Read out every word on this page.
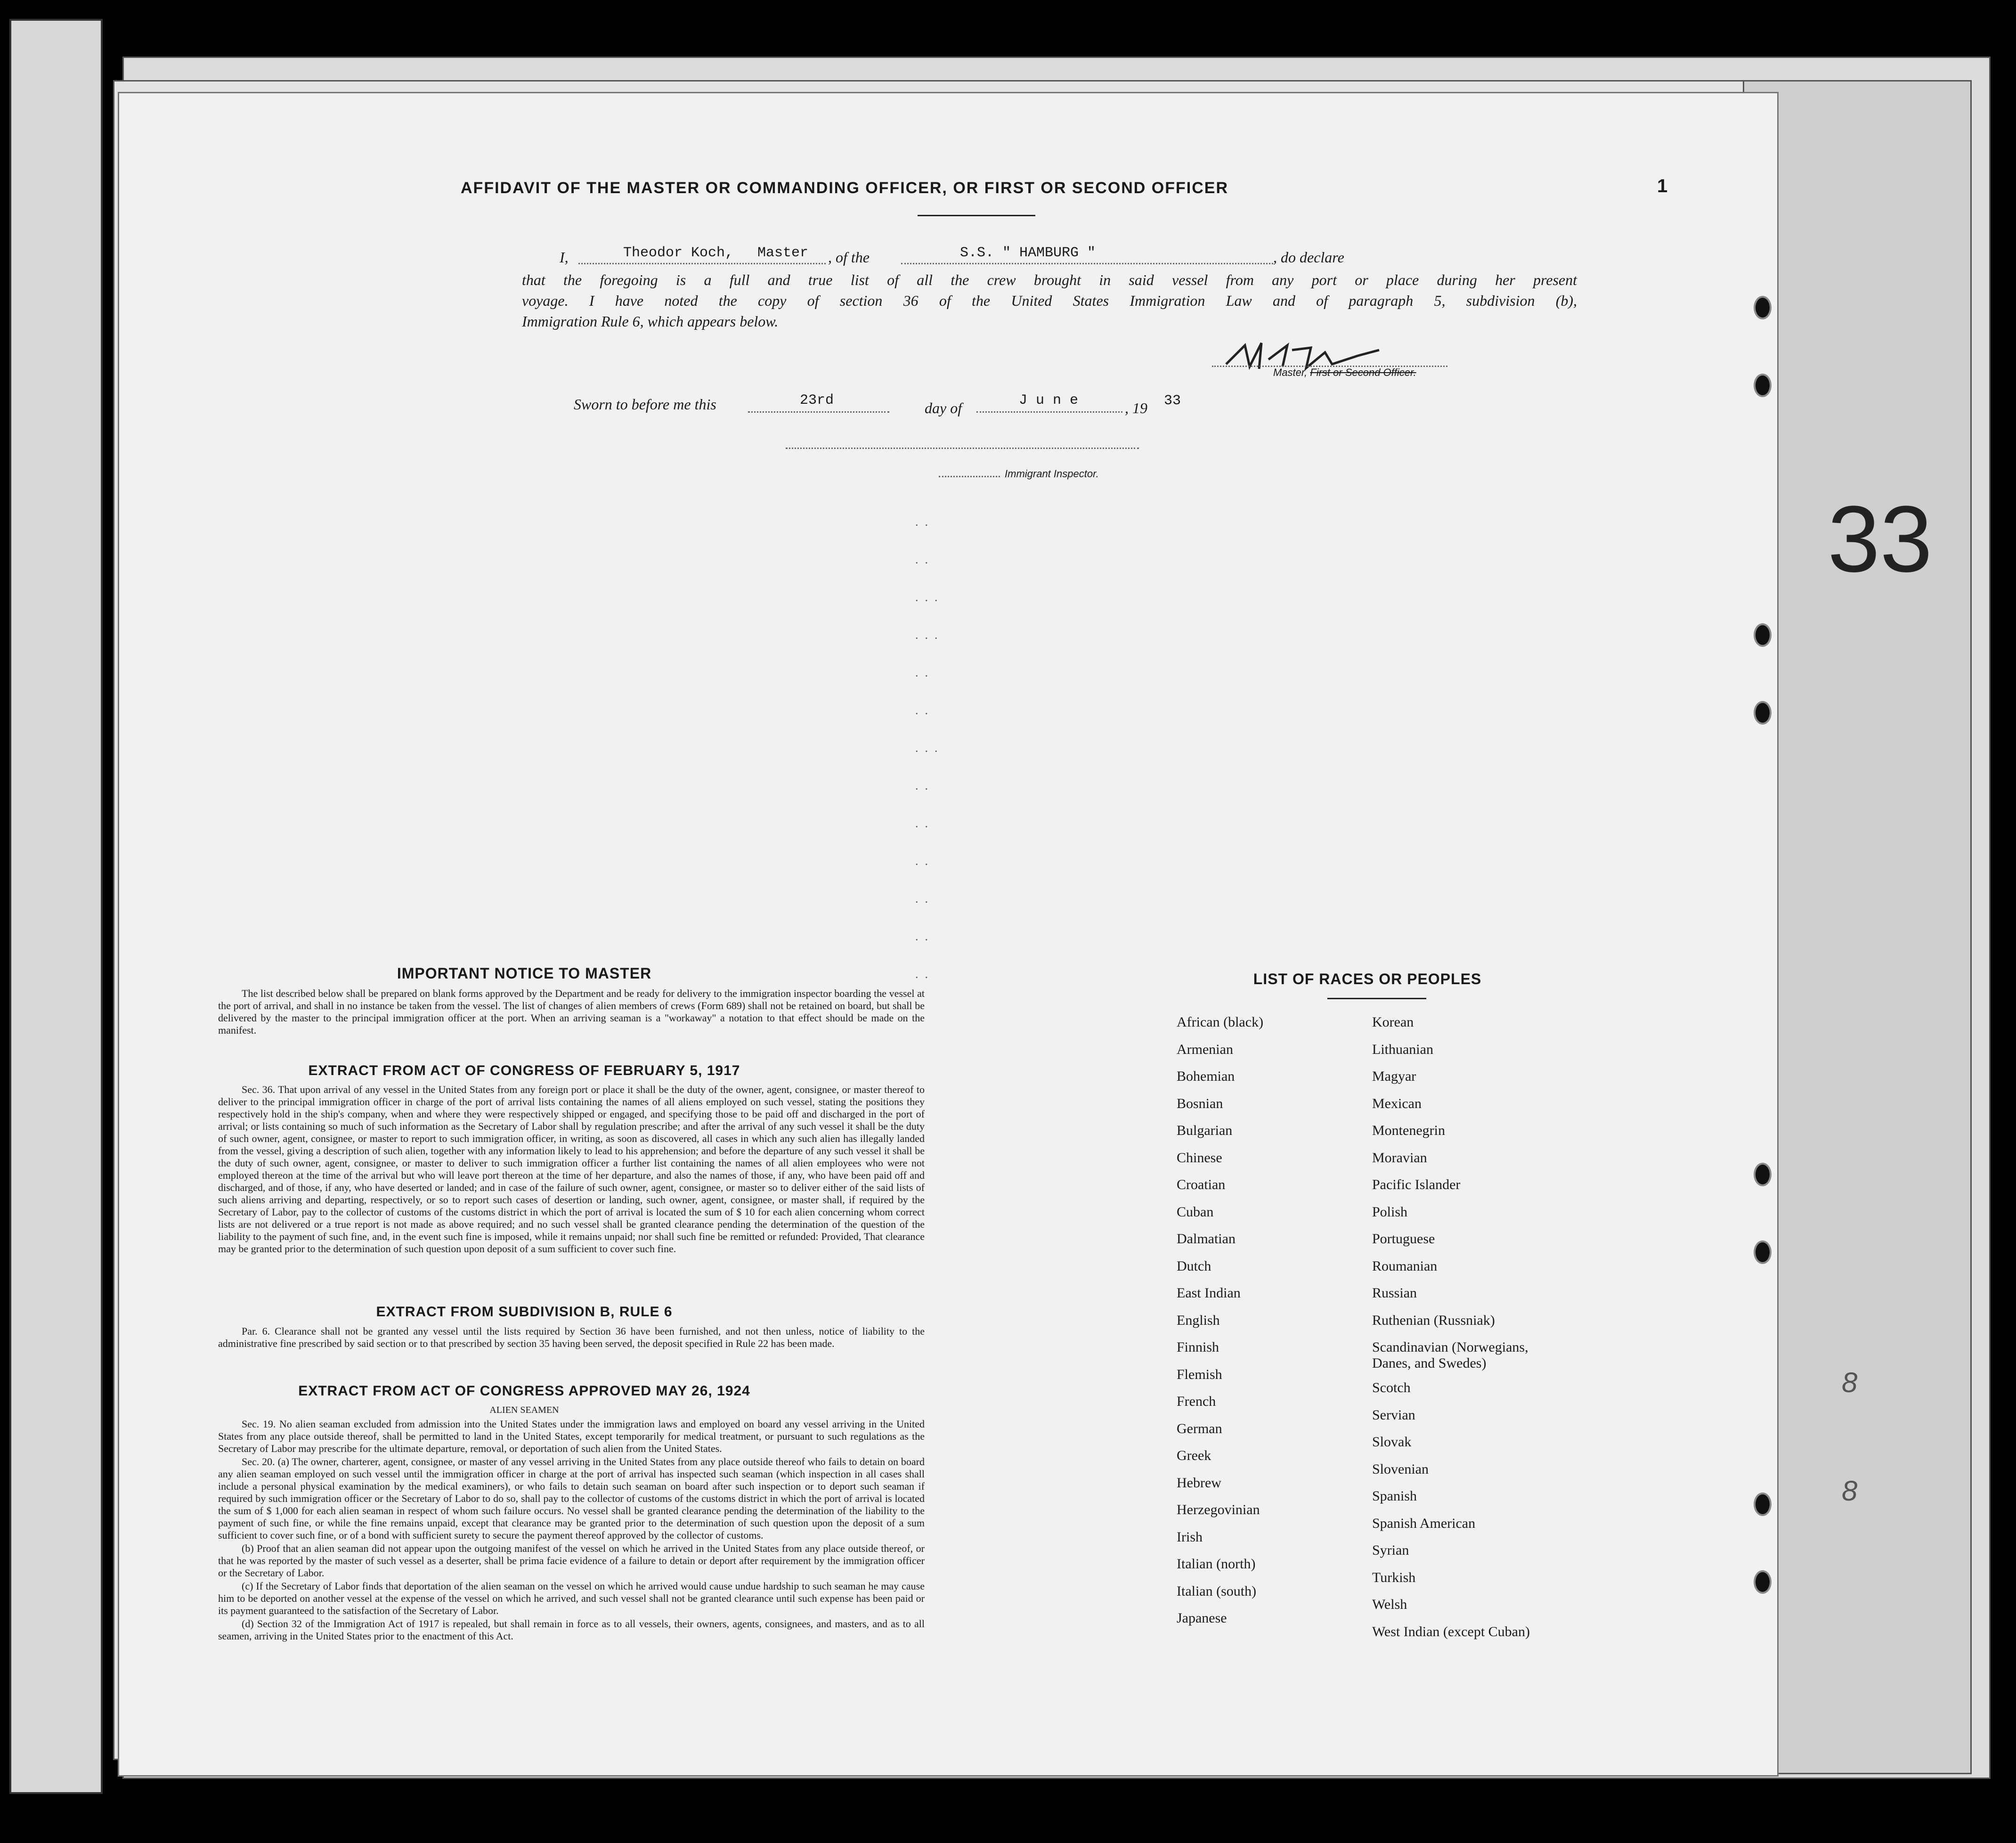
33
8
8
1
AFFIDAVIT OF THE MASTER OR COMMANDING OFFICER, OR FIRST OR SECOND OFFICER
I,	Theodor Koch, Master , of the	S.S. " HAMBURG "	, do declare
that the foregoing is a full and true list of all the crew brought in said vessel from any port or place during her present
voyage. I have noted the copy of section 36 of the United States Immigration Law and of paragraph 5, subdivision (b),
Immigration Rule 6, which appears below.
Master, First or Second Officer.
Sworn to before me this	23rd	day of	June	, 19 33
Immigrant Inspector.
..
..
...
...
..
..
...
..
..
..
..
..
..
IMPORTANT NOTICE TO MASTER

The list described below shall be prepared on blank forms approved by the Department and be ready for delivery to the immigration inspector boarding the vessel at the port of arrival, and shall in no instance be taken from the vessel. The list of changes of alien members of crews (Form 689) shall not be retained on board, but shall be delivered by the master to the principal immigration officer at the port. When an arriving seaman is a "workaway" a notation to that effect should be made on the manifest.

EXTRACT FROM ACT OF CONGRESS OF FEBRUARY 5, 1917

Sec. 36. That upon arrival of any vessel in the United States from any foreign port or place it shall be the duty of the owner, agent, consignee, or master thereof to deliver to the principal immigration officer in charge of the port of arrival lists containing the names of all aliens employed on such vessel, stating the positions they respectively hold in the ship's company, when and where they were respectively shipped or engaged, and specifying those to be paid off and discharged in the port of arrival; or lists containing so much of such information as the Secretary of Labor shall by regulation prescribe; and after the arrival of any such vessel it shall be the duty of such owner, agent, consignee, or master to report to such immigration officer, in writing, as soon as discovered, all cases in which any such alien has illegally landed from the vessel, giving a description of such alien, together with any information likely to lead to his apprehension; and before the departure of any such vessel it shall be the duty of such owner, agent, consignee, or master to deliver to such immigration officer a further list containing the names of all alien employees who were not employed thereon at the time of the arrival but who will leave port thereon at the time of her departure, and also the names of those, if any, who have been paid off and discharged, and of those, if any, who have deserted or landed; and in case of the failure of such owner, agent, consignee, or master so to deliver either of the said lists of such aliens arriving and departing, respectively, or so to report such cases of desertion or landing, such owner, agent, consignee, or master shall, if required by the Secretary of Labor, pay to the collector of customs of the customs district in which the port of arrival is located the sum of $ 10 for each alien concerning whom correct lists are not delivered or a true report is not made as above required; and no such vessel shall be granted clearance pending the determination of the question of the liability to the payment of such fine, and, in the event such fine is imposed, while it remains unpaid; nor shall such fine be remitted or refunded: Provided, That clearance may be granted prior to the determination of such question upon deposit of a sum sufficient to cover such fine.

EXTRACT FROM SUBDIVISION B, RULE 6

Par. 6. Clearance shall not be granted any vessel until the lists required by Section 36 have been furnished, and not then unless, notice of liability to the administrative fine prescribed by said section or to that prescribed by section 35 having been served, the deposit specified in Rule 22 has been made.

EXTRACT FROM ACT OF CONGRESS APPROVED MAY 26, 1924
ALIEN SEAMEN

Sec. 19. No alien seaman excluded from admission into the United States under the immigration laws and employed on board any vessel arriving in the United States from any place outside thereof, shall be permitted to land in the United States, except temporarily for medical treatment, or pursuant to such regulations as the Secretary of Labor may prescribe for the ultimate departure, removal, or deportation of such alien from the United States.

Sec. 20. (a) The owner, charterer, agent, consignee, or master of any vessel arriving in the United States from any place outside thereof who fails to detain on board any alien seaman employed on such vessel until the immigration officer in charge at the port of arrival has inspected such seaman (which inspection in all cases shall include a personal physical examination by the medical examiners), or who fails to detain such seaman on board after such inspection or to deport such seaman if required by such immigration officer or the Secretary of Labor to do so, shall pay to the collector of customs of the customs district in which the port of arrival is located the sum of $ 1,000 for each alien seaman in respect of whom such failure occurs. No vessel shall be granted clearance pending the determination of the liability to the payment of such fine, or while the fine remains unpaid, except that clearance may be granted prior to the determination of such question upon the deposit of a sum sufficient to cover such fine, or of a bond with sufficient surety to secure the payment thereof approved by the collector of customs.

(b) Proof that an alien seaman did not appear upon the outgoing manifest of the vessel on which he arrived in the United States from any place outside thereof, or that he was reported by the master of such vessel as a deserter, shall be prima facie evidence of a failure to detain or deport after requirement by the immigration officer or the Secretary of Labor.

(c) If the Secretary of Labor finds that deportation of the alien seaman on the vessel on which he arrived would cause undue hardship to such seaman he may cause him to be deported on another vessel at the expense of the vessel on which he arrived, and such vessel shall not be granted clearance until such expense has been paid or its payment guaranteed to the satisfaction of the Secretary of Labor.

(d) Section 32 of the Immigration Act of 1917 is repealed, but shall remain in force as to all vessels, their owners, agents, consignees, and masters, and as to all seamen, arriving in the United States prior to the enactment of this Act.

LIST OF RACES OR PEOPLES
African (black)
Armenian
Bohemian
Bosnian
Bulgarian
Chinese
Croatian
Cuban
Dalmatian
Dutch
East Indian
English
Finnish
Flemish
French
German
Greek
Hebrew
Herzegovinian
Irish
Italian (north)
Italian (south)
Japanese
Korean
Lithuanian
Magyar
Mexican
Montenegrin
Moravian
Pacific Islander
Polish
Portuguese
Roumanian
Russian
Ruthenian (Russniak)
Scandinavian (Norwegians, Danes, and Swedes)
Scotch
Servian
Slovak
Slovenian
Spanish
Spanish American
Syrian
Turkish
Welsh
West Indian (except Cuban)
